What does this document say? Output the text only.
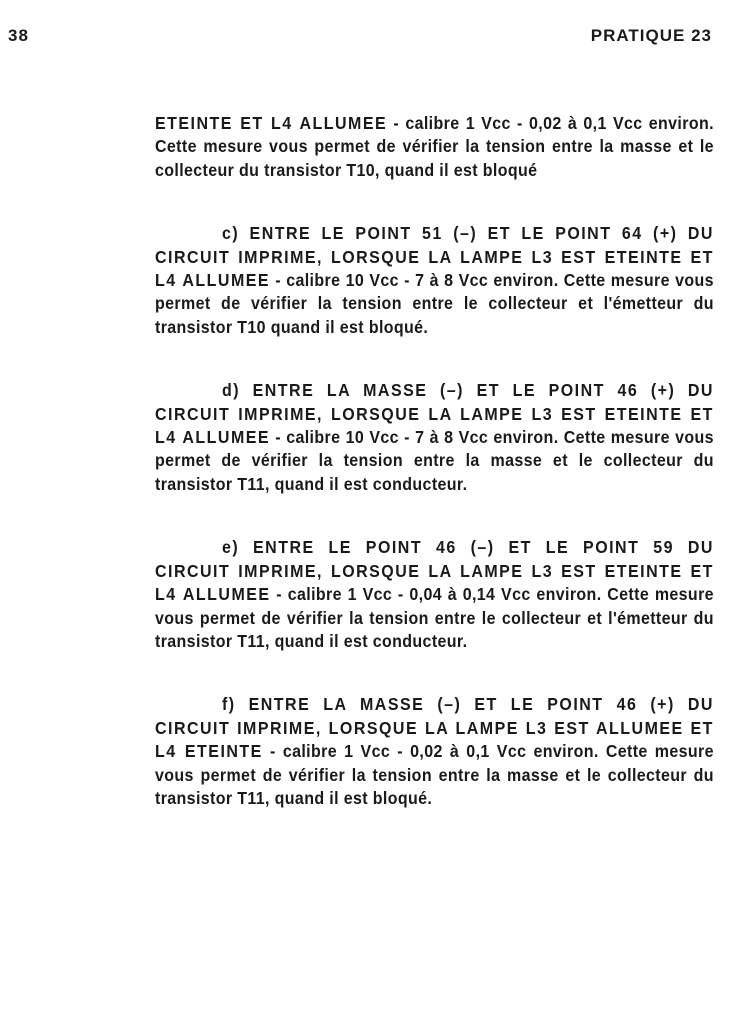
38	PRATIQUE 23

ETEINTE ET L4 ALLUMEE - calibre 1 Vcc - 0,02 à 0,1 Vcc environ. Cette mesure vous permet de vérifier la tension entre la masse et le collecteur du transistor T10, quand il est bloqué

c) ENTRE LE POINT 51 (–) ET LE POINT 64 (+) DU CIRCUIT IMPRIME, LORSQUE LA LAMPE L3 EST ETEINTE ET L4 ALLUMEE - calibre 10 Vcc - 7 à 8 Vcc environ. Cette mesure vous permet de vérifier la tension entre le collecteur et l'émetteur du transistor T10 quand il est bloqué.

d) ENTRE LA MASSE (–) ET LE POINT 46 (+) DU CIRCUIT IMPRIME, LORSQUE LA LAMPE L3 EST ETEINTE ET L4 ALLUMEE - calibre 10 Vcc - 7 à 8 Vcc environ. Cette mesure vous permet de vérifier la tension entre la masse et le collecteur du transistor T11, quand il est conducteur.

e) ENTRE LE POINT 46 (–) ET LE POINT 59 DU CIRCUIT IMPRIME, LORSQUE LA LAMPE L3 EST ETEINTE ET L4 ALLUMEE - calibre 1 Vcc - 0,04 à 0,14 Vcc environ. Cette mesure vous permet de vérifier la tension entre le collecteur et l'émetteur du transistor T11, quand il est conducteur.

f) ENTRE LA MASSE (–) ET LE POINT 46 (+) DU CIRCUIT IMPRIME, LORSQUE LA LAMPE L3 EST ALLUMEE ET L4 ETEINTE - calibre 1 Vcc - 0,02 à 0,1 Vcc environ. Cette mesure vous permet de vérifier la tension entre la masse et le collecteur du transistor T11, quand il est bloqué.
